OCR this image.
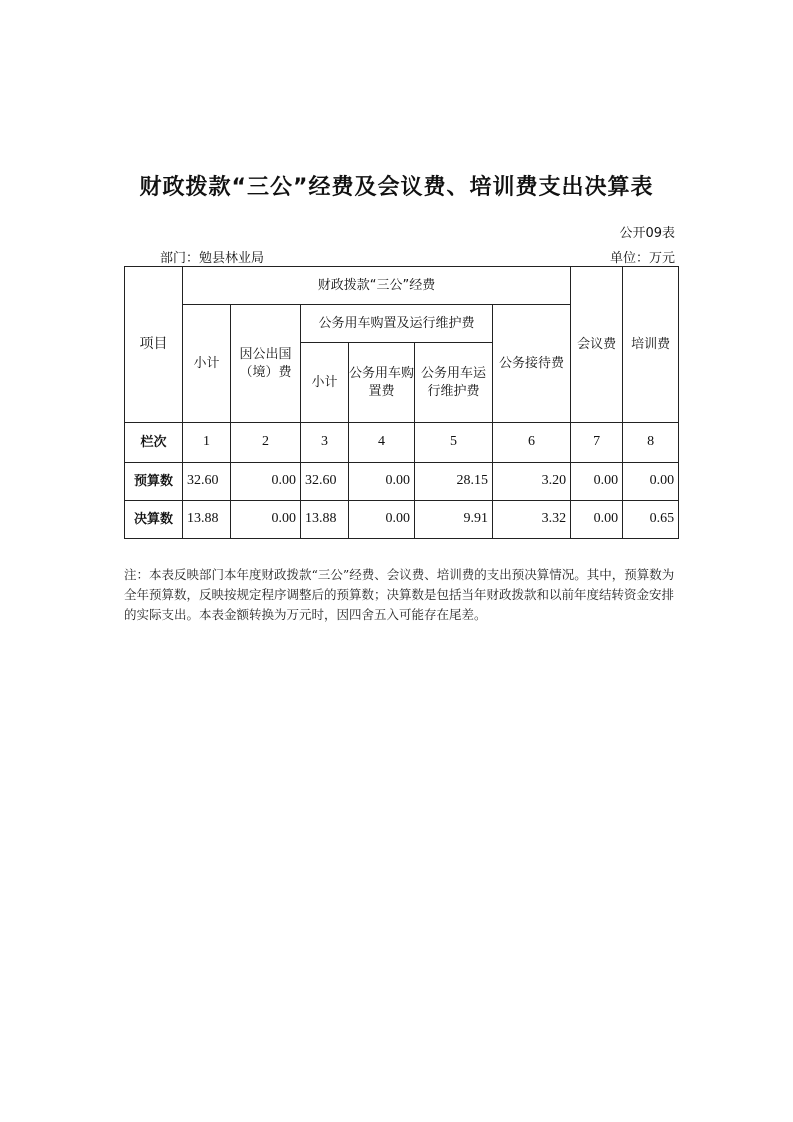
财政拨款“三公”经费及会议费、培训费支出决算表
公开09表
部门：勉县林业局	单位：万元
项目	财政拨款“三公”经费						会议费	培训费
	小计	因公出国（境）费	公务用车购置及运行维护费			公务接待费		
			小计	公务用车购置费	公务用车运行维护费			
栏次	1	2	3	4	5	6	7	8
预算数	32.60	0.00	32.60	0.00	28.15	3.20	0.00	0.00
决算数	13.88	0.00	13.88	0.00	9.91	3.32	0.00	0.65
注：本表反映部门本年度财政拨款“三公”经费、会议费、培训费的支出预决算情况。其中，预算数为全年预算数，反映按规定程序调整后的预算数；决算数是包括当年财政拨款和以前年度结转资金安排的实际支出。本表金额转换为万元时，因四舍五入可能存在尾差。
